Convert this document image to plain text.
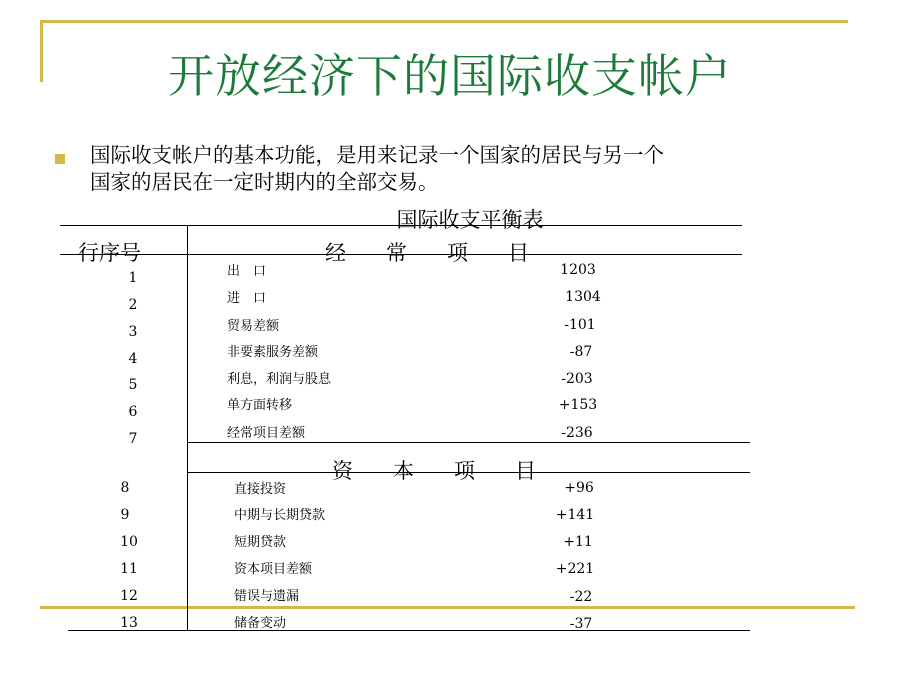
开放经济下的国际收支帐户
国际收支帐户的基本功能，是用来记录一个国家的居民与另一个
国家的居民在一定时期内的全部交易。
国际收支平衡表
行序号	经常项目
资本项目
1	出　口	1203
2	进　口	1304
3	贸易差额	-101
4	非要素服务差额	-87
5	利息，利润与股息	-203
6	单方面转移	+153
7	经常项目差额	-236
8	直接投资	+96
9	中期与长期贷款	+141
10	短期贷款	+11
11	资本项目差额	+221
12	错误与遗漏	-22
13	储备变动	-37
